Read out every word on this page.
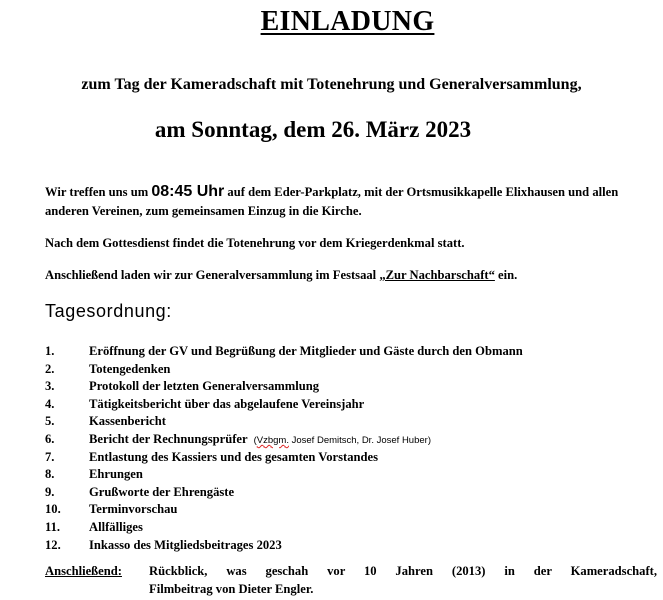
EINLADUNG
zum Tag der Kameradschaft mit Totenehrung und Generalversammlung,
am Sonntag, dem 26. März 2023
Wir treffen uns um 08:45 Uhr auf dem Eder-Parkplatz, mit der Ortsmusikkapelle Elixhausen und allen anderen Vereinen, zum gemeinsamen Einzug in die Kirche.
Nach dem Gottesdienst findet die Totenehrung vor dem Kriegerdenkmal statt.
Anschließend laden wir zur Generalversammlung im Festsaal „Zur Nachbarschaft“ ein.
Tagesordnung:
1.	Eröffnung der GV und Begrüßung der Mitglieder und Gäste durch den Obmann
2.	Totengedenken
3.	Protokoll der letzten Generalversammlung
4.	Tätigkeitsbericht über das abgelaufene Vereinsjahr
5.	Kassenbericht
6.	Bericht der Rechnungsprüfer (Vzbgm. Josef Demitsch, Dr. Josef Huber)
7.	Entlastung des Kassiers und des gesamten Vorstandes
8.	Ehrungen
9.	Grußworte der Ehrengäste
10. Terminvorschau
11. Allfälliges
12. Inkasso des Mitgliedsbeitrages 2023
Anschließend: Rückblick, was geschah vor 10 Jahren (2013) in der Kameradschaft,
Filmbeitrag von Dieter Engler.
